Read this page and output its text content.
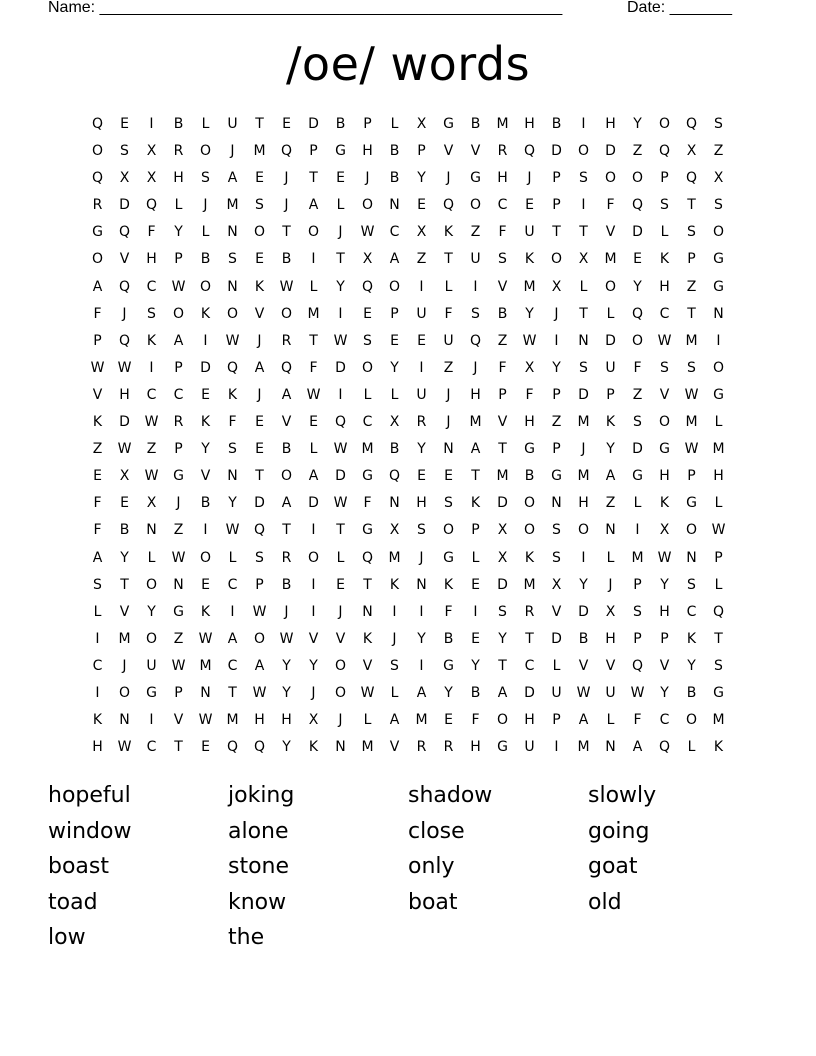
Name: ____________________________________________________	Date: _______
/oe/ words
Q	E	I	B	L	U	T	E	D	B	P	L	X	G	B	M	H	B	I	H	Y	O	Q	S
O	S	X	R	O	J	M	Q	P	G	H	B	P	V	V	R	Q	D	O	D	Z	Q	X	Z
Q	X	X	H	S	A	E	J	T	E	J	B	Y	J	G	H	J	P	S	O	O	P	Q	X
R	D	Q	L	J	M	S	J	A	L	O	N	E	Q	O	C	E	P	I	F	Q	S	T	S
G	Q	F	Y	L	N	O	T	O	J	W	C	X	K	Z	F	U	T	T	V	D	L	S	O
O	V	H	P	B	S	E	B	I	T	X	A	Z	T	U	S	K	O	X	M	E	K	P	G
A	Q	C	W	O	N	K	W	L	Y	Q	O	I	L	I	V	M	X	L	O	Y	H	Z	G
F	J	S	O	K	O	V	O	M	I	E	P	U	F	S	B	Y	J	T	L	Q	C	T	N
P	Q	K	A	I	W	J	R	T	W	S	E	E	U	Q	Z	W	I	N	D	O	W	M	I
W W	I	P	D	Q	A	Q	F	D	O	Y	I	Z	J	F	X	Y	S	U	F	S	S	O
V	H	C	C	E	K	J	A	W	I	L	L	U	J	H	P	F	P	D	P	Z	V	W	G
K	D	W	R	K	F	E	V	E	Q	C	X	R	J	M	V	H	Z	M	K	S	O	M	L
Z	W	Z	P	Y	S	E	B	L	W	M	B	Y	N	A	T	G	P	J	Y	D	G	W	M
E	X	W	G	V	N	T	O	A	D	G	Q	E	E	T	M	B	G	M	A	G	H	P	H
F	E	X	J	B	Y	D	A	D	W	F	N	H	S	K	D	O	N	H	Z	L	K	G	L
F	B	N	Z	I	W	Q	T	I	T	G	X	S	O	P	X	O	S	O	N	I	X	O	W
A	Y	L	W	O	L	S	R	O	L	Q	M	J	G	L	X	K	S	I	L	M	W	N	P
S	T	O	N	E	C	P	B	I	E	T	K	N	K	E	D	M	X	Y	J	P	Y	S	L
L	V	Y	G	K	I	W	J	I	J	N	I	I	F	I	S	R	V	D	X	S	H	C	Q
I	M	O	Z	W	A	O	W	V	V	K	J	Y	B	E	Y	T	D	B	H	P	P	K	T
C	J	U	W	M	C	A	Y	Y	O	V	S	I	G	Y	T	C	L	V	V	Q	V	Y	S
I	O	G	P	N	T	W	Y	J	O	W	L	A	Y	B	A	D	U	W	U	W	Y	B	G
K	N	I	V	W	M	H	H	X	J	L	A	M	E	F	O	H	P	A	L	F	C	O	M
H	W	C	T	E	Q	Q	Y	K	N	M	V	R	R	H	G	U	I	M	N	A	Q	L	K
hopeful	joking	shadow	slowly
window	alone	close	going
boast	stone	only	goat
toad	know	boat	old
low	the
